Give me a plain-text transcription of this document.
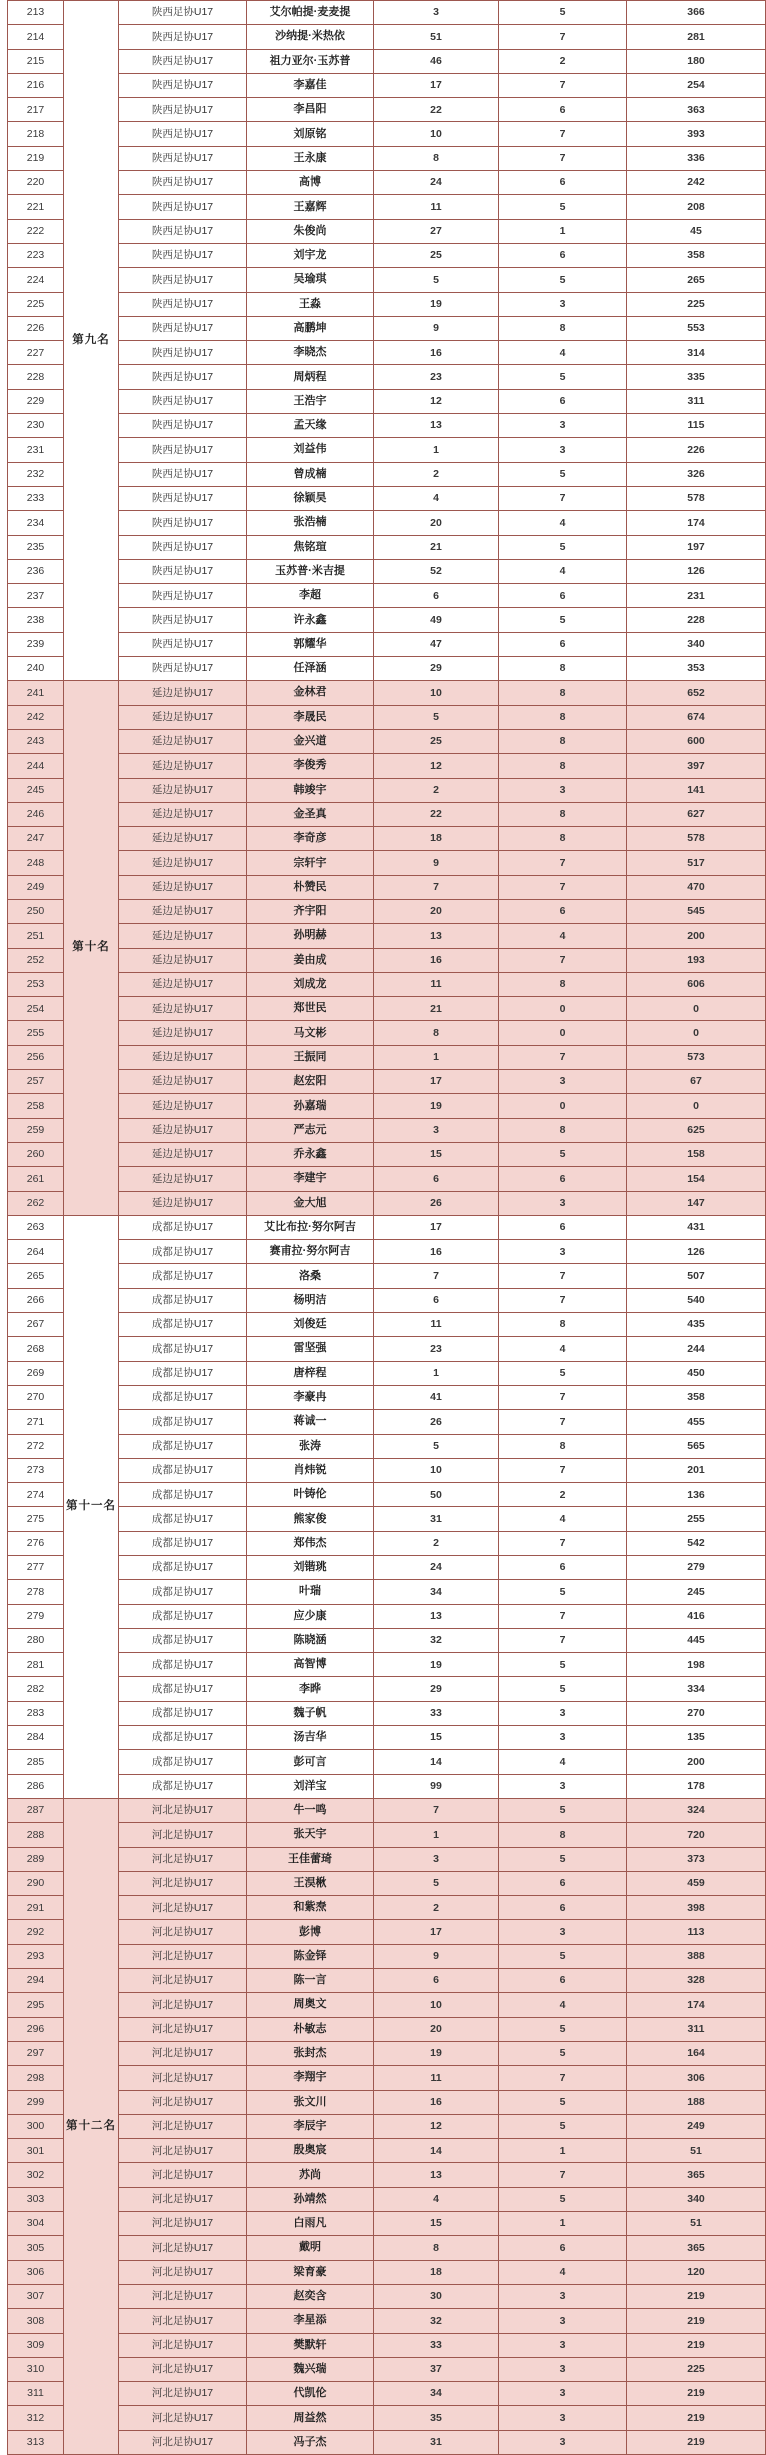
213	第九名	陕西足协U17	艾尔帕提·麦麦提	3	5	366
214		陕西足协U17	沙纳提·米热依	51	7	281
215		陕西足协U17	祖力亚尔·玉苏普	46	2	180
216		陕西足协U17	李嘉佳	17	7	254
217		陕西足协U17	李昌阳	22	6	363
218		陕西足协U17	刘原铭	10	7	393
219		陕西足协U17	王永康	8	7	336
220		陕西足协U17	高博	24	6	242
221		陕西足协U17	王嘉辉	11	5	208
222		陕西足协U17	朱俊尚	27	1	45
223		陕西足协U17	刘宇龙	25	6	358
224		陕西足协U17	吴瑜琪	5	5	265
225		陕西足协U17	王淼	19	3	225
226		陕西足协U17	高鹏坤	9	8	553
227		陕西足协U17	李晓杰	16	4	314
228		陕西足协U17	周炳程	23	5	335
229		陕西足协U17	王浩宇	12	6	311
230		陕西足协U17	孟天缘	13	3	115
231		陕西足协U17	刘益伟	1	3	226
232		陕西足协U17	曾成楠	2	5	326
233		陕西足协U17	徐颖昊	4	7	578
234		陕西足协U17	张浩楠	20	4	174
235		陕西足协U17	焦铭瑄	21	5	197
236		陕西足协U17	玉苏普·米吉提	52	4	126
237		陕西足协U17	李超	6	6	231
238		陕西足协U17	许永鑫	49	5	228
239		陕西足协U17	郭耀华	47	6	340
240		陕西足协U17	任泽涵	29	8	353
241	第十名	延边足协U17	金林君	10	8	652
242		延边足协U17	李晟民	5	8	674
243		延边足协U17	金兴道	25	8	600
244		延边足协U17	李俊秀	12	8	397
245		延边足协U17	韩竣宇	2	3	141
246		延边足协U17	金圣真	22	8	627
247		延边足协U17	李奇彦	18	8	578
248		延边足协U17	宗轩宇	9	7	517
249		延边足协U17	朴赞民	7	7	470
250		延边足协U17	齐宇阳	20	6	545
251		延边足协U17	孙明赫	13	4	200
252		延边足协U17	姜由成	16	7	193
253		延边足协U17	刘成龙	11	8	606
254		延边足协U17	郑世民	21	0	0
255		延边足协U17	马文彬	8	0	0
256		延边足协U17	王振同	1	7	573
257		延边足协U17	赵宏阳	17	3	67
258		延边足协U17	孙嘉瑞	19	0	0
259		延边足协U17	严志元	3	8	625
260		延边足协U17	乔永鑫	15	5	158
261		延边足协U17	李建宇	6	6	154
262		延边足协U17	金大旭	26	3	147
263	第十一名	成都足协U17	艾比布拉·努尔阿吉	17	6	431
264		成都足协U17	赛甫拉·努尔阿吉	16	3	126
265		成都足协U17	洛桑	7	7	507
266		成都足协U17	杨明洁	6	7	540
267		成都足协U17	刘俊廷	11	8	435
268		成都足协U17	雷坚强	23	4	244
269		成都足协U17	唐梓程	1	5	450
270		成都足协U17	李豪冉	41	7	358
271		成都足协U17	蒋诚一	26	7	455
272		成都足协U17	张涛	5	8	565
273		成都足协U17	肖炜锐	10	7	201
274		成都足协U17	叶铸伦	50	2	136
275		成都足协U17	熊家俊	31	4	255
276		成都足协U17	郑伟杰	2	7	542
277		成都足协U17	刘锴珧	24	6	279
278		成都足协U17	叶瑞	34	5	245
279		成都足协U17	应少康	13	7	416
280		成都足协U17	陈晓涵	32	7	445
281		成都足协U17	高智博	19	5	198
282		成都足协U17	李晔	29	5	334
283		成都足协U17	魏子帆	33	3	270
284		成都足协U17	汤吉华	15	3	135
285		成都足协U17	彭可言	14	4	200
286		成都足协U17	刘洋宝	99	3	178
287	第十二名	河北足协U17	牛一鸣	7	5	324
288		河北足协U17	张天宇	1	8	720
289		河北足协U17	王佳蕾琦	3	5	373
290		河北足协U17	王淏楸	5	6	459
291		河北足协U17	和紫焘	2	6	398
292		河北足协U17	彭博	17	3	113
293		河北足协U17	陈金铎	9	5	388
294		河北足协U17	陈一言	6	6	328
295		河北足协U17	周奥文	10	4	174
296		河北足协U17	朴敏志	20	5	311
297		河北足协U17	张封杰	19	5	164
298		河北足协U17	李翔宇	11	7	306
299		河北足协U17	张文川	16	5	188
300		河北足协U17	李辰宇	12	5	249
301		河北足协U17	殷奥宸	14	1	51
302		河北足协U17	苏尚	13	7	365
303		河北足协U17	孙靖然	4	5	340
304		河北足协U17	白雨凡	15	1	51
305		河北足协U17	戴明	8	6	365
306		河北足协U17	梁育豪	18	4	120
307		河北足协U17	赵奕含	30	3	219
308		河北足协U17	李星添	32	3	219
309		河北足协U17	樊默轩	33	3	219
310		河北足协U17	魏兴瑞	37	3	225
311		河北足协U17	代凯伦	34	3	219
312		河北足协U17	周益然	35	3	219
313		河北足协U17	冯子杰	31	3	219
